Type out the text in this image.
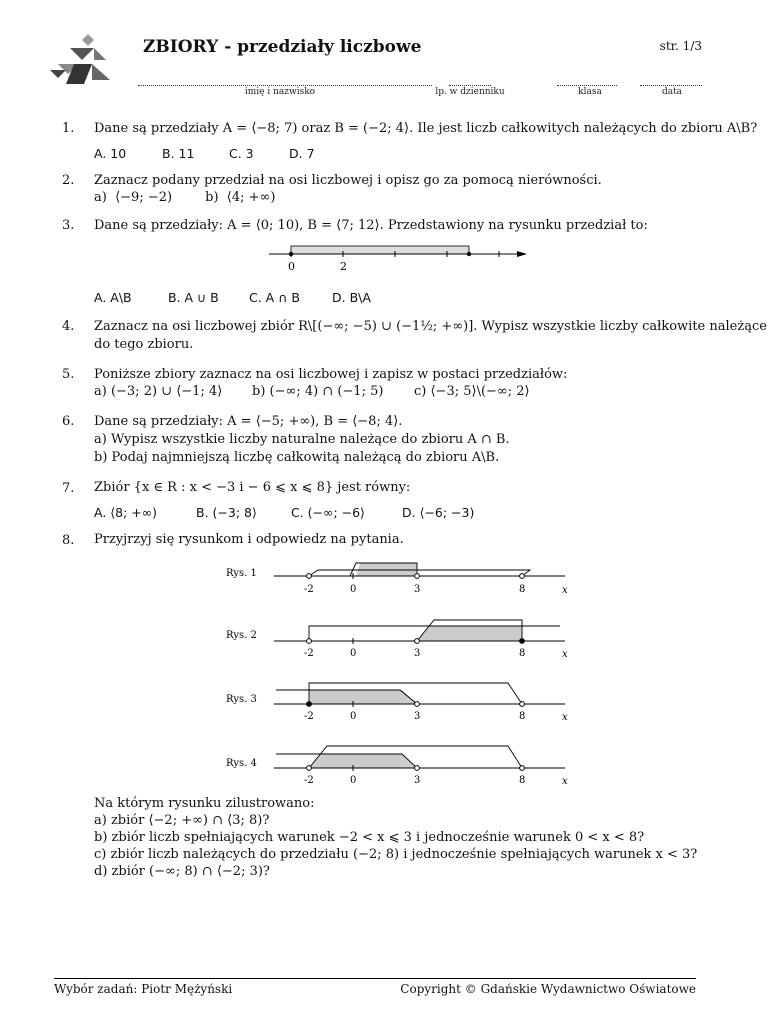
ZBIORY - przedziały liczbowe	str. 1/3
imię i nazwisko	lp. w dzienniku	klasa	data
1. Dane są przedziały A = ⟨−8; 7) oraz B = (−2; 4⟩. Ile jest liczb całkowitych należących do zbioru A\B?
A. 10	B. 11	C. 3	D. 7
2. Zaznacz podany przedział na osi liczbowej i opisz go za pomocą nierówności.
a)  ⟨−9; −2)        b)  ⟨4; +∞)
3. Dane są przedziały: A = ⟨0; 10), B = ⟨7; 12⟩. Przedstawiony na rysunku przedział to:
0	2
A. A\B	B. A ∪ B C. A ∩ B	D. B\A
4. Zaznacz na osi liczbowej zbiór R\[(−∞; −5) ∪ (−1½; +∞)]. Wypisz wszystkie liczby całkowite należące
do tego zbioru.
5. Poniższe zbiory zaznacz na osi liczbowej i zapisz w postaci przedziałów:
a) (−3; 2) ∪ ⟨−1; 4⟩ b) (−∞; 4) ∩ (−1; 5) c) ⟨−3; 5⟩\(−∞; 2⟩
6. Dane są przedziały: A = ⟨−5; +∞), B = ⟨−8; 4⟩.
a) Wypisz wszystkie liczby naturalne należące do zbioru A ∩ B.
b) Podaj najmniejszą liczbę całkowitą należącą do zbioru A\B.
7. Zbiór {x ∈ R : x < −3 i − 6 ⩽ x ⩽ 8} jest równy:
A. ⟨8; +∞)	B. (−3; 8⟩	C. (−∞; −6⟩	D. ⟨−6; −3)
8. Przyjrzyj się rysunkom i odpowiedz na pytania.
Rys. 1
-2	0	3	8	x
Rys. 2
-2	0	3	8	x
Rys. 3
-2	0	3	8	x
Rys. 4
-2	0	3	8	x
Na którym rysunku zilustrowano:
a) zbiór ⟨−2; +∞) ∩ ⟨3; 8)?
b) zbiór liczb spełniających warunek −2 < x ⩽ 3 i jednocześnie warunek 0 < x < 8?
c) zbiór liczb należących do przedziału (−2; 8) i jednocześnie spełniających warunek x < 3?
d) zbiór (−∞; 8) ∩ ⟨−2; 3)?
Wybór zadań: Piotr Mężyński	Copyright © Gdańskie Wydawnictwo Oświatowe
